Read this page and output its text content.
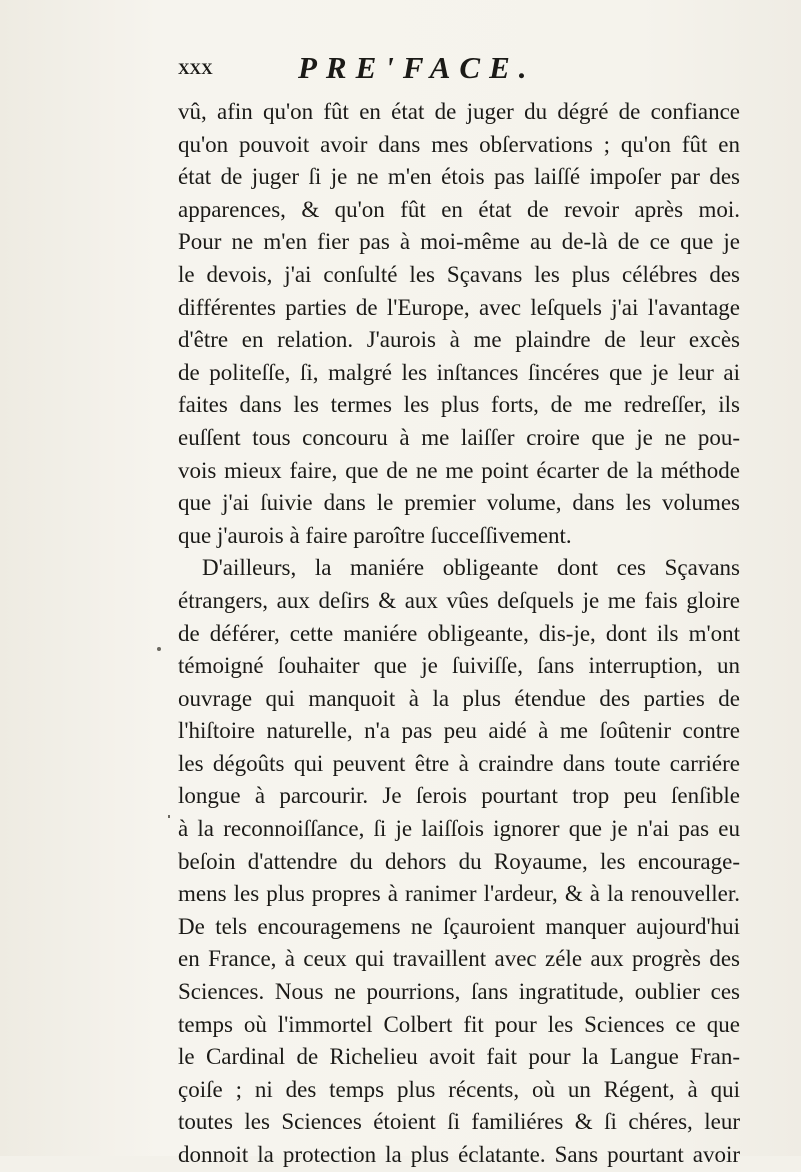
xxx	PRE'FACE.
vû, afin qu'on fût en état de juger du dégré de confiance
qu'on pouvoit avoir dans mes obſervations ; qu'on fût en
état de juger ſi je ne m'en étois pas laiſſé impoſer par des
apparences, & qu'on fût en état de revoir après moi.
Pour ne m'en fier pas à moi-même au de-là de ce que je
le devois, j'ai conſulté les Sçavans les plus célébres des
différentes parties de l'Europe, avec leſquels j'ai l'avantage
d'être en relation. J'aurois à me plaindre de leur excès
de politeſſe, ſi, malgré les inſtances ſincéres que je leur ai
faites dans les termes les plus forts, de me redreſſer, ils
euſſent tous concouru à me laiſſer croire que je ne pou-
vois mieux faire, que de ne me point écarter de la méthode
que j'ai ſuivie dans le premier volume, dans les volumes
que j'aurois à faire paroître ſucceſſivement.
D'ailleurs, la maniére obligeante dont ces Sçavans
étrangers, aux deſirs & aux vûes deſquels je me fais gloire
de déférer, cette maniére obligeante, dis-je, dont ils m'ont
témoigné ſouhaiter que je ſuiviſſe, ſans interruption, un
ouvrage qui manquoit à la plus étendue des parties de
l'hiſtoire naturelle, n'a pas peu aidé à me ſoûtenir contre
les dégoûts qui peuvent être à craindre dans toute carriére
longue à parcourir. Je ſerois pourtant trop peu ſenſible
à la reconnoiſſance, ſi je laiſſois ignorer que je n'ai pas eu
beſoin d'attendre du dehors du Royaume, les encourage-
mens les plus propres à ranimer l'ardeur, & à la renouveller.
De tels encouragemens ne ſçauroient manquer aujourd'hui
en France, à ceux qui travaillent avec zéle aux progrès des
Sciences. Nous ne pourrions, ſans ingratitude, oublier ces
temps où l'immortel Colbert fit pour les Sciences ce que
le Cardinal de Richelieu avoit fait pour la Langue Fran-
çoiſe ; ni des temps plus récents, où un Régent, à qui
toutes les Sciences étoient ſi familiéres & ſi chéres, leur
donnoit la protection la plus éclatante. Sans pourtant avoir
